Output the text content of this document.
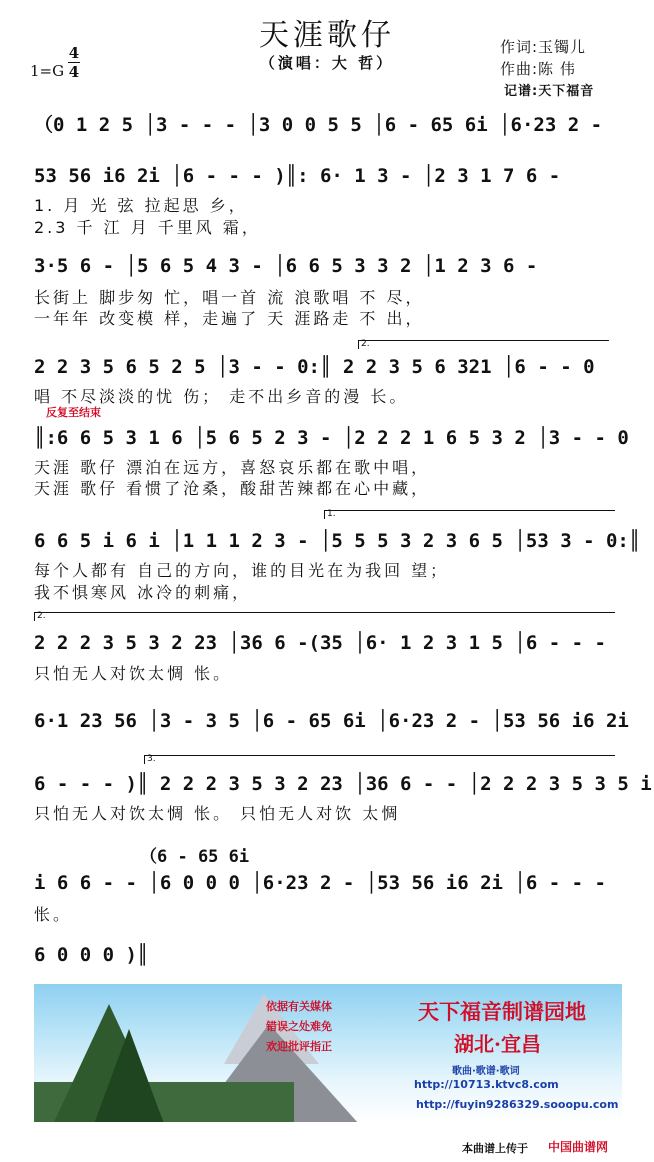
天涯歌仔
（演唱：大 哲）
作词:玉镯儿
作曲:陈 伟
记谱:天下福音
1=G
4
4
（0 1 2 5 │3 - - - │3 0 0 5 5 │6 - 65 6i │6·23 2 -
53 56 i6 2i │6 - - - )║: 6· 1 3 - │2 3 1 7 6 -
1. 月 光 弦 拉起思 乡，
2.3 千 江 月 千里风 霜，
3·5 6 - │5 6 5 4 3 - │6 6 5 3 3 2 │1 2 3 6 -
长街上 脚步匆 忙，唱一首 流 浪歌唱 不 尽，
一年年 改变模 样，走遍了 天 涯路走 不 出，
2.
2 2 3 5 6 5 2 5 │3 - - 0:║ 2 2 3 5 6 321 │6 - - 0
唱 不尽淡淡的忧 伤； 走不出乡音的漫 长。
反复至结束
║:6 6 5 3 1 6 │5 6 5 2 3 - │2 2 2 1 6 5 3 2 │3 - - 0
天涯 歌仔 漂泊在远方，喜怒哀乐都在歌中唱，
天涯 歌仔 看惯了沧桑，酸甜苦辣都在心中藏，
1.
6 6 5 i 6 i │1 1 1 2 3 - │5 5 5 3 2 3 6 5 │53 3 - 0:║
每个人都有 自己的方向，谁的目光在为我回 望；
我不惧寒风 冰冷的刺痛，
2.
2 2 2 3 5 3 2 23 │36 6 -(35 │6· 1 2 3 1 5 │6 - - -
只怕无人对饮太惆 怅。
6·1 23 56 │3 - 3 5 │6 - 65 6i │6·23 2 - │53 56 i6 2i
3.
6 - - - )║ 2 2 2 3 5 3 2 23 │36 6 - - │2 2 2 3 5 3 5 i
只怕无人对饮太惆 怅。 只怕无人对饮 太惆
（6 - 65 6i
i 6 6 - - │6 0 0 0 │6·23 2 - │53 56 i6 2i │6 - - -
怅。
6 0 0 0 )║
依据有关媒体
错误之处难免
欢迎批评指正
天下福音制谱园地
湖北·宜昌
歌曲·歌谱·歌词
http://10713.ktvc8.com
http://fuyin9286329.sooopu.com
本曲谱上传于 中国曲谱网
